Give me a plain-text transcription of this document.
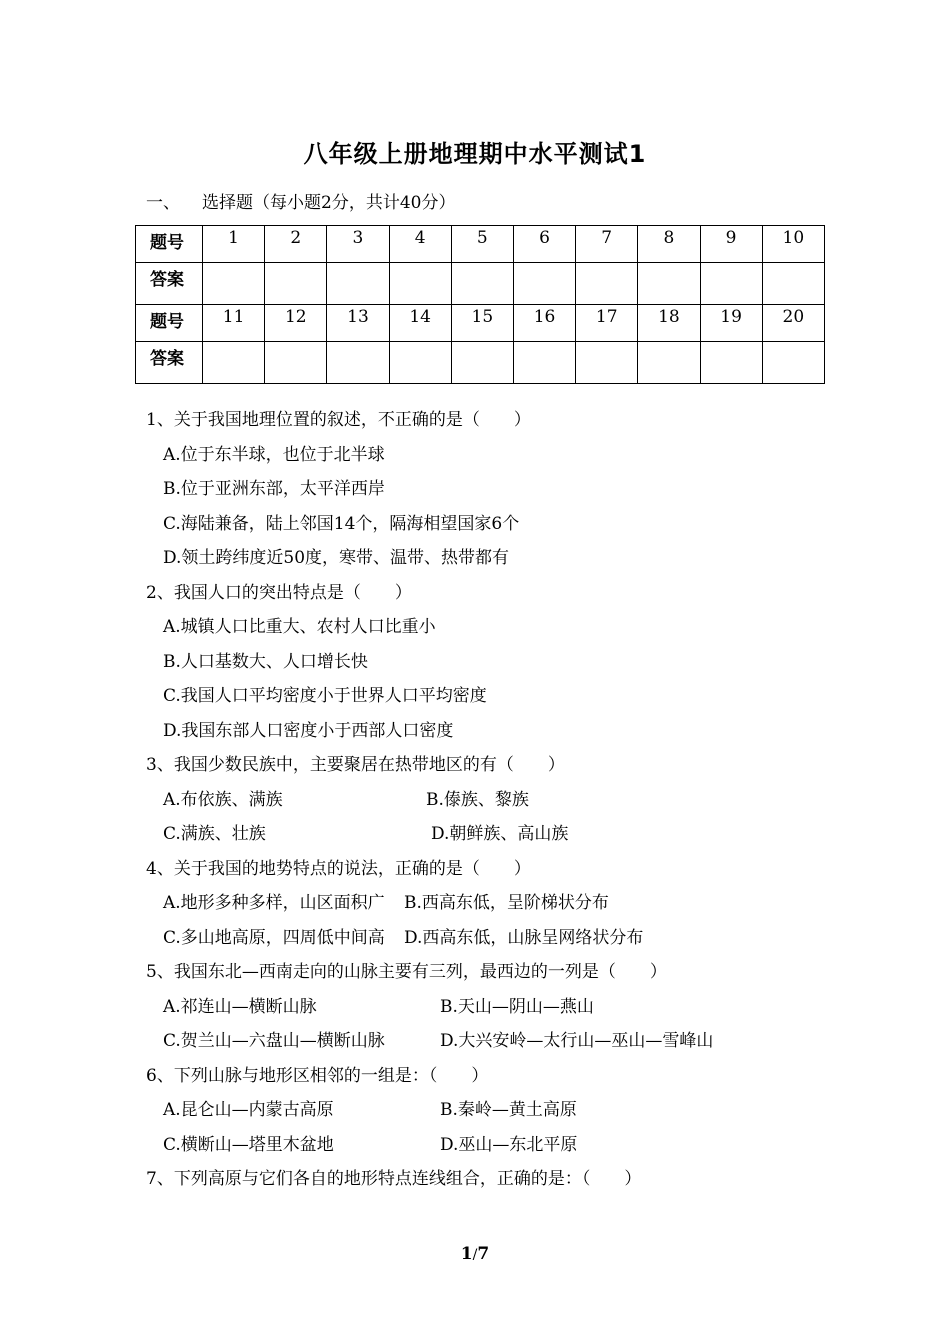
八年级上册地理期中水平测试1
一、 选择题（每小题2分，共计40分）
题号	1	2	3	4	5	6	7	8	9	10
答案										
题号	11	12	13	14	15	16	17	18	19	20
答案										
1、关于我国地理位置的叙述，不正确的是（　　）
A.位于东半球，也位于北半球
B.位于亚洲东部，太平洋西岸
C.海陆兼备，陆上邻国14个，隔海相望国家6个
D.领土跨纬度近50度，寒带、温带、热带都有
2、我国人口的突出特点是（　　）
A.城镇人口比重大、农村人口比重小
B.人口基数大、人口增长快
C.我国人口平均密度小于世界人口平均密度
D.我国东部人口密度小于西部人口密度
3、我国少数民族中，主要聚居在热带地区的有（　　）
A.布依族、满族	B.傣族、黎族
C.满族、壮族	D.朝鲜族、高山族
4、关于我国的地势特点的说法，正确的是（　　）
A.地形多种多样，山区面积广 B.西高东低，呈阶梯状分布
C.多山地高原，四周低中间高 D.西高东低，山脉呈网络状分布
5、我国东北—西南走向的山脉主要有三列，最西边的一列是（　　）
A.祁连山—横断山脉	B.天山—阴山—燕山
C.贺兰山—六盘山—横断山脉	D.大兴安岭—太行山—巫山—雪峰山
6、下列山脉与地形区相邻的一组是：（　　）
A.昆仑山—内蒙古高原	B.秦岭—黄土高原
C.横断山—塔里木盆地	D.巫山—东北平原
7、下列高原与它们各自的地形特点连线组合，正确的是：（　　）
1/7
